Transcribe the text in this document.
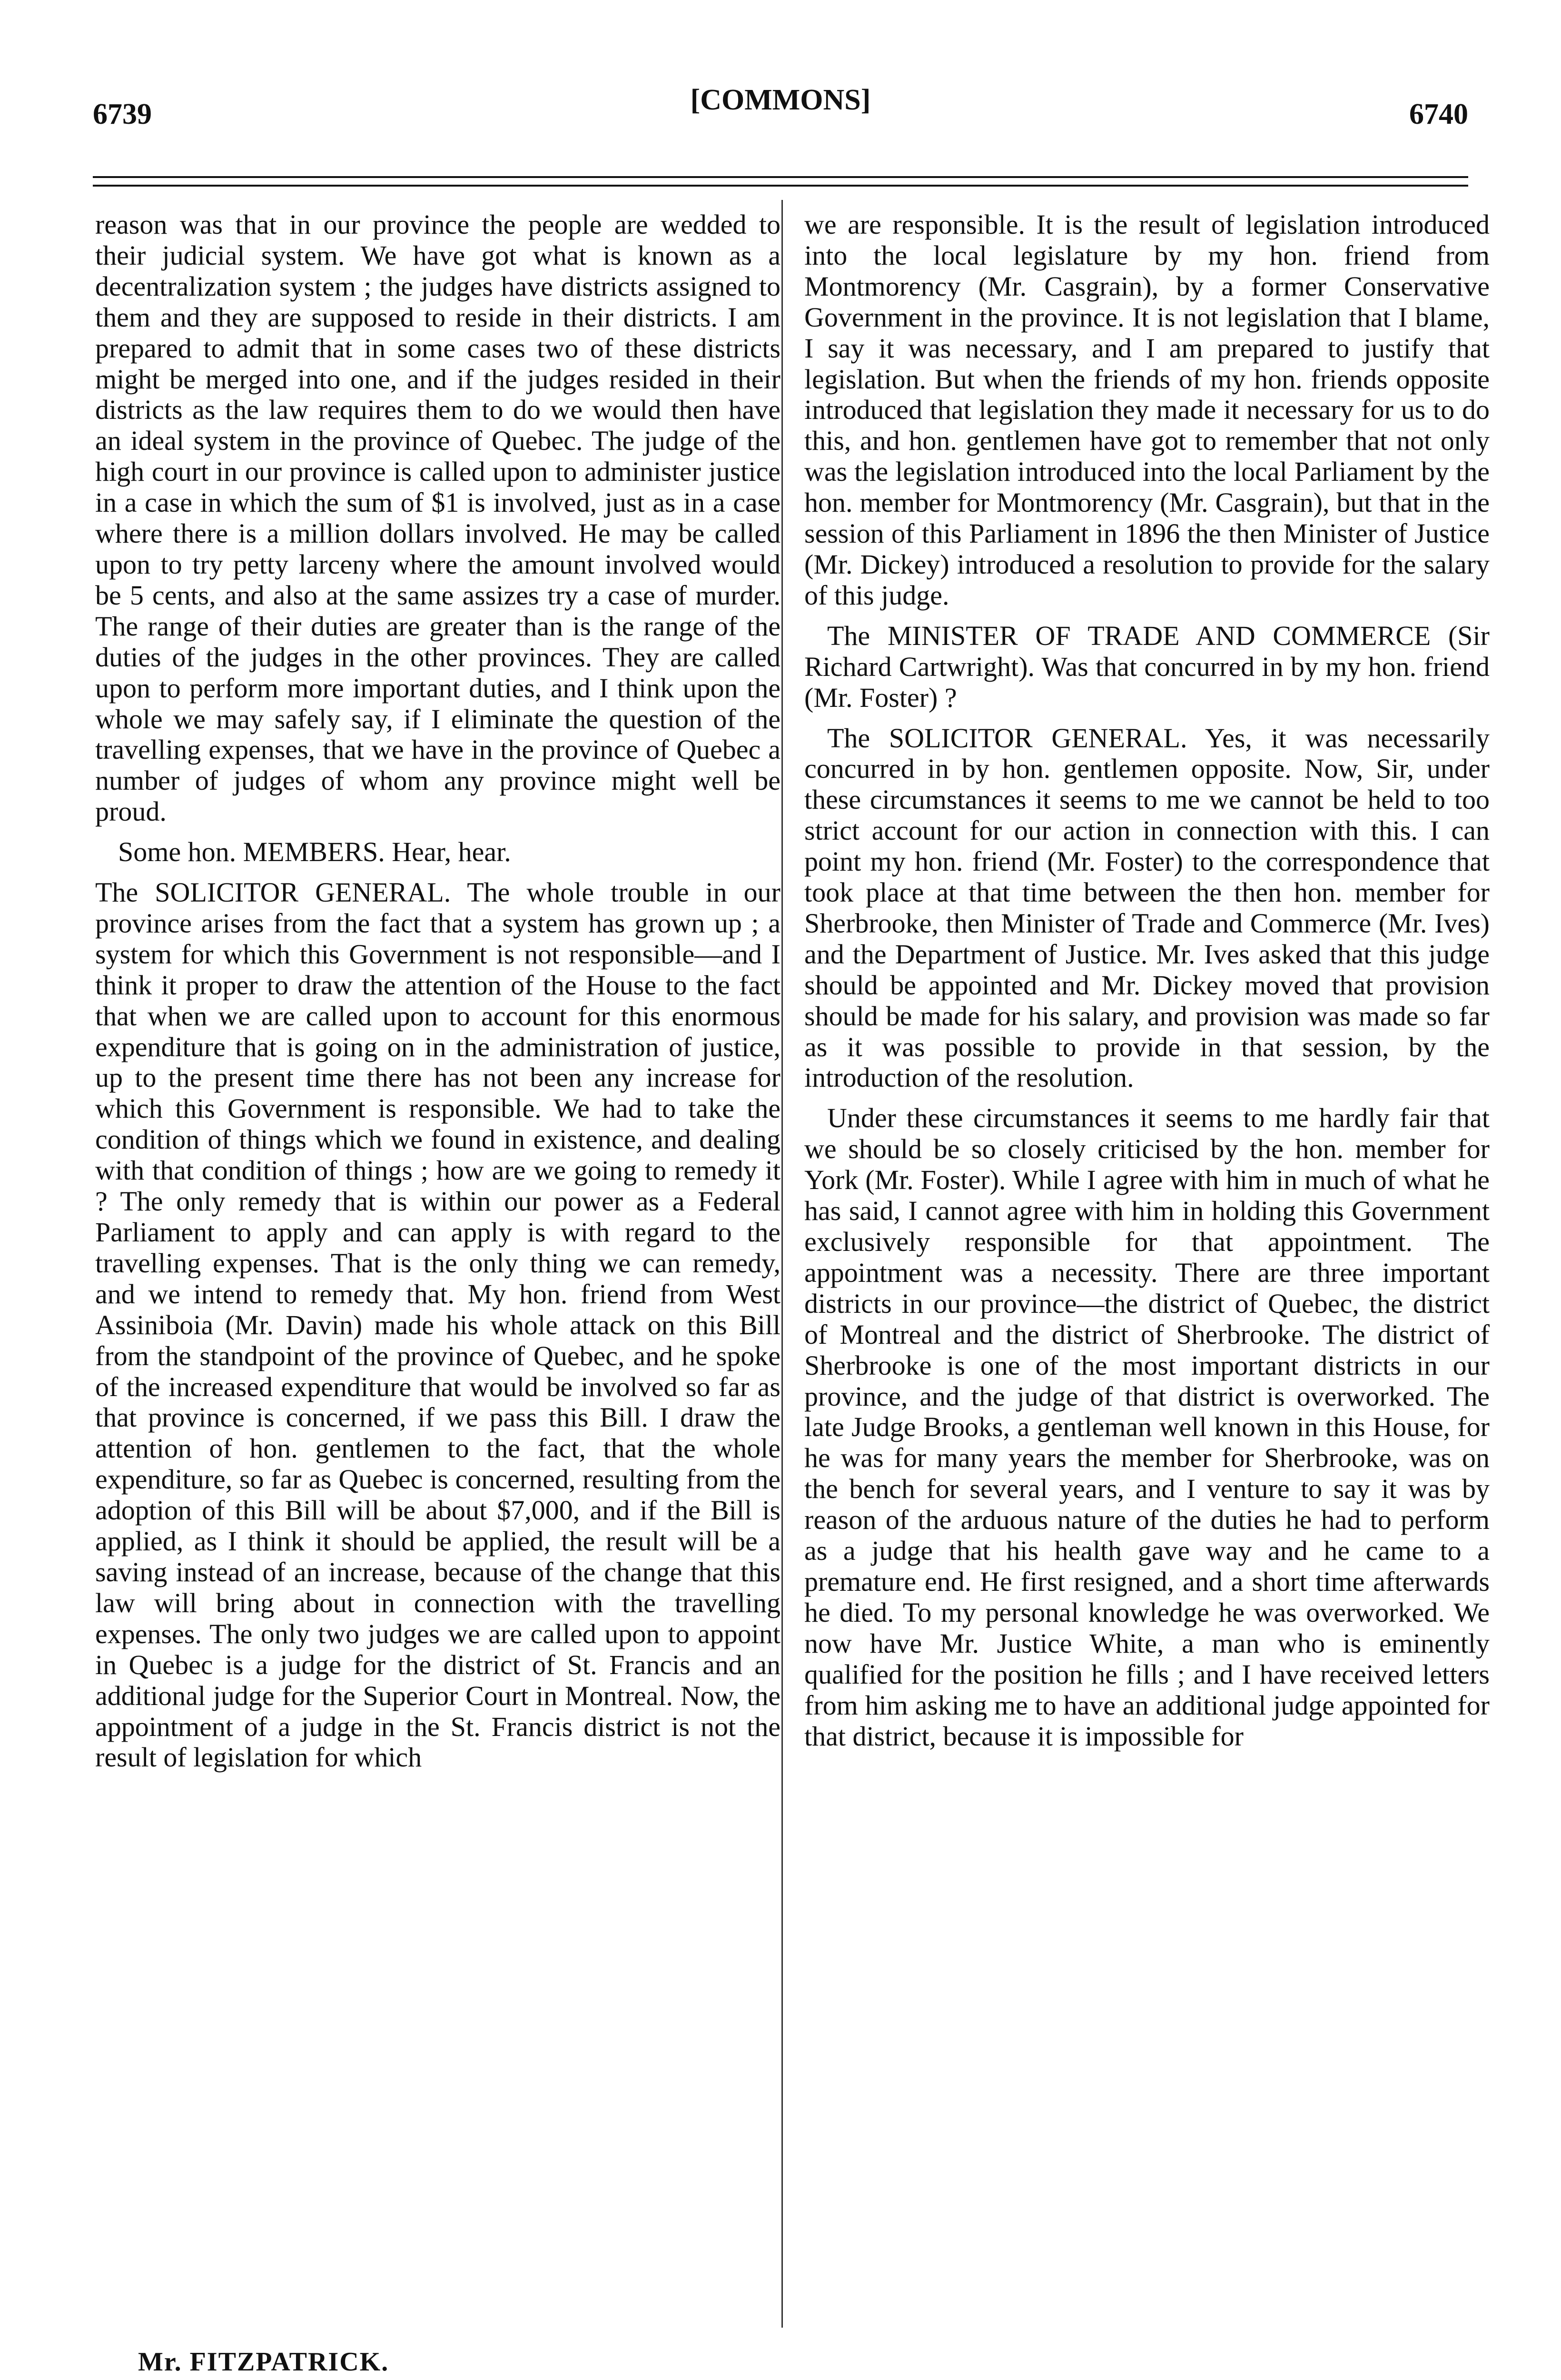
6739	[COMMONS]	6740

reason was that in our province the people are wedded to their judicial system. We have got what is known as a decentralization system ; the judges have districts assigned to them and they are supposed to reside in their districts. I am prepared to admit that in some cases two of these districts might be merged into one, and if the judges resided in their districts as the law requires them to do we would then have an ideal system in the province of Quebec. The judge of the high court in our province is called upon to administer justice in a case in which the sum of $1 is involved, just as in a case where there is a million dollars involved. He may be called upon to try petty larceny where the amount involved would be 5 cents, and also at the same assizes try a case of murder. The range of their duties are greater than is the range of the duties of the judges in the other provinces. They are called upon to perform more important duties, and I think upon the whole we may safely say, if I eliminate the question of the travelling expenses, that we have in the province of Quebec a number of judges of whom any province might well be proud.

Some hon. MEMBERS. Hear, hear.

The SOLICITOR GENERAL. The whole trouble in our province arises from the fact that a system has grown up ; a system for which this Government is not responsible—and I think it proper to draw the attention of the House to the fact that when we are called upon to account for this enormous expenditure that is going on in the administration of justice, up to the present time there has not been any increase for which this Government is responsible. We had to take the condition of things which we found in existence, and dealing with that condition of things ; how are we going to remedy it ? The only remedy that is within our power as a Federal Parliament to apply and can apply is with regard to the travelling expenses. That is the only thing we can remedy, and we intend to remedy that. My hon. friend from West Assiniboia (Mr. Davin) made his whole attack on this Bill from the standpoint of the province of Quebec, and he spoke of the increased expenditure that would be involved so far as that province is concerned, if we pass this Bill. I draw the attention of hon. gentlemen to the fact, that the whole expenditure, so far as Quebec is concerned, resulting from the adoption of this Bill will be about $7,000, and if the Bill is applied, as I think it should be applied, the result will be a saving instead of an increase, because of the change that this law will bring about in connection with the travelling expenses. The only two judges we are called upon to appoint in Quebec is a judge for the district of St. Francis and an additional judge for the Superior Court in Montreal. Now, the appointment of a judge in the St. Francis district is not the result of legislation for which

we are responsible. It is the result of legislation introduced into the local legislature by my hon. friend from Montmorency (Mr. Casgrain), by a former Conservative Government in the province. It is not legislation that I blame, I say it was necessary, and I am prepared to justify that legislation. But when the friends of my hon. friends opposite introduced that legislation they made it necessary for us to do this, and hon. gentlemen have got to remember that not only was the legislation introduced into the local Parliament by the hon. member for Montmorency (Mr. Casgrain), but that in the session of this Parliament in 1896 the then Minister of Justice (Mr. Dickey) introduced a resolution to provide for the salary of this judge.

The MINISTER OF TRADE AND COMMERCE (Sir Richard Cartwright). Was that concurred in by my hon. friend (Mr. Foster) ?

The SOLICITOR GENERAL. Yes, it was necessarily concurred in by hon. gentlemen opposite. Now, Sir, under these circumstances it seems to me we cannot be held to too strict account for our action in connection with this. I can point my hon. friend (Mr. Foster) to the correspondence that took place at that time between the then hon. member for Sherbrooke, then Minister of Trade and Commerce (Mr. Ives) and the Department of Justice. Mr. Ives asked that this judge should be appointed and Mr. Dickey moved that provision should be made for his salary, and provision was made so far as it was possible to provide in that session, by the introduction of the resolution.

Under these circumstances it seems to me hardly fair that we should be so closely criticised by the hon. member for York (Mr. Foster). While I agree with him in much of what he has said, I cannot agree with him in holding this Government exclusively responsible for that appointment. The appointment was a necessity. There are three important districts in our province—the district of Quebec, the district of Montreal and the district of Sherbrooke. The district of Sherbrooke is one of the most important districts in our province, and the judge of that district is overworked. The late Judge Brooks, a gentleman well known in this House, for he was for many years the member for Sherbrooke, was on the bench for several years, and I venture to say it was by reason of the arduous nature of the duties he had to perform as a judge that his health gave way and he came to a premature end. He first resigned, and a short time afterwards he died. To my personal knowledge he was overworked. We now have Mr. Justice White, a man who is eminently qualified for the position he fills ; and I have received letters from him asking me to have an additional judge appointed for that district, because it is impossible for

Mr. FITZPATRICK.
